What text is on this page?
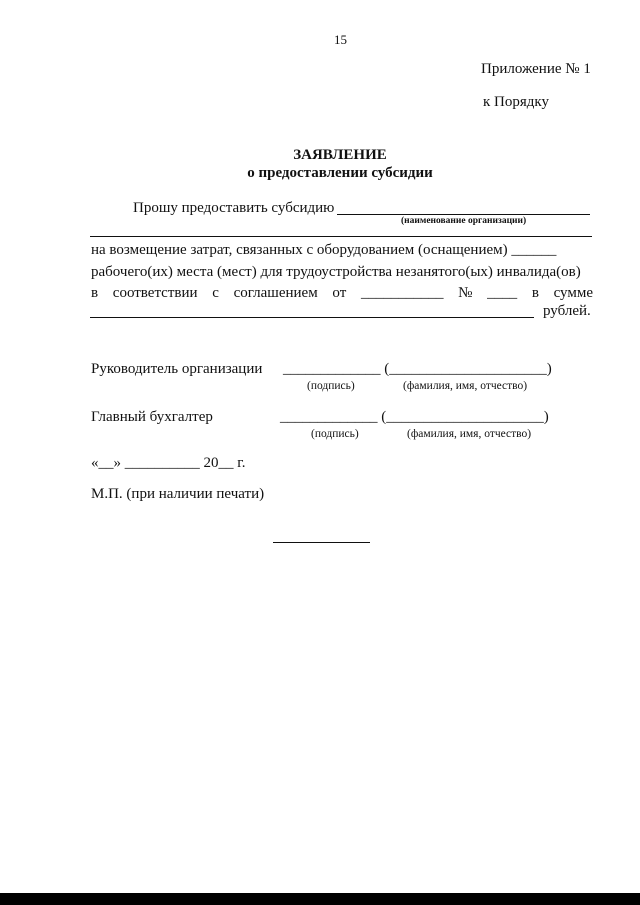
15
Приложение № 1
к Порядку
ЗАЯВЛЕНИЕ
о предоставлении субсидии
Прошу предоставить субсидию
(наименование организации)
на возмещение затрат, связанных с оборудованием (оснащением) ______
рабочего(их) места (мест) для трудоустройства незанятого(ых) инвалида(ов)
в соответствии с соглашением от ___________ № ____ в сумме
рублей.
Руководитель организации _____________ (_____________________)
(подпись)	(фамилия, имя, отчество)
Главный бухгалтер	_____________ (_____________________)
(подпись)	(фамилия, имя, отчество)
«__» __________ 20__ г.
М.П. (при наличии печати)
